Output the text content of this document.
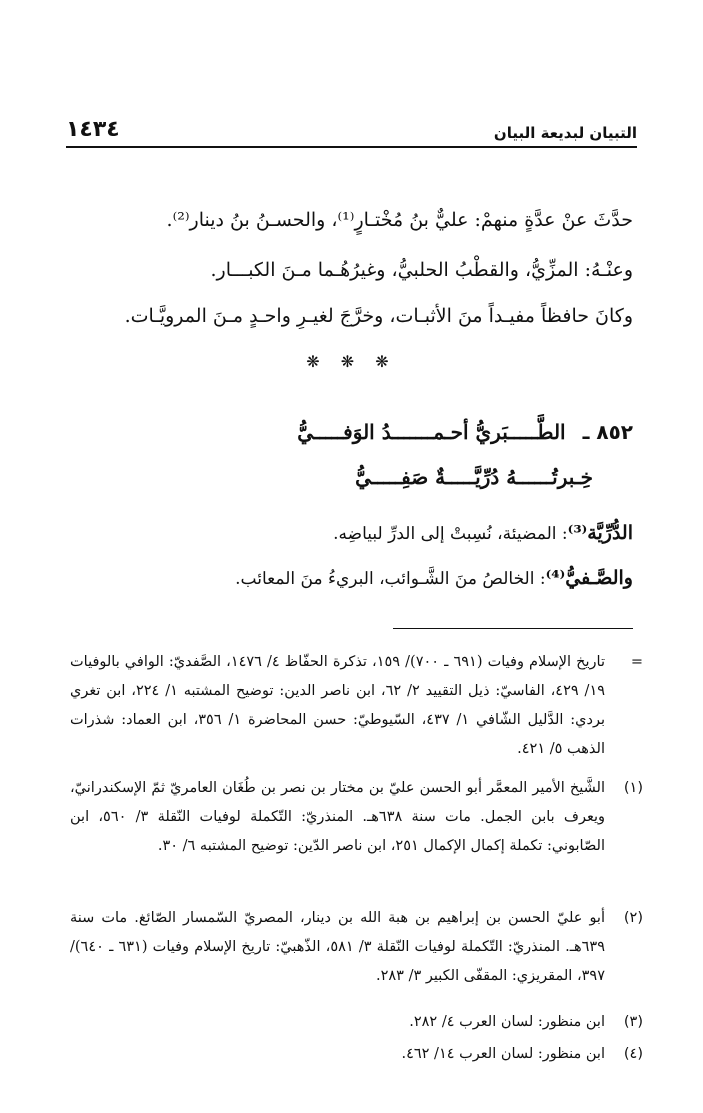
١٤٣٤	التبيان لبديعة البيان
حدَّثَ عنْ عدَّةٍ منهمْ: عليٌّ بنُ مُخْتـارٍ⁽¹⁾، والحسـنُ بنُ دينار⁽²⁾.
وعنْـهُ: المزِّيُّ، والقطْبُ الحلبيُّ، وغيرُهُـما مـنَ الكبـــار.
وكانَ حافظاً مفيـداً منَ الأثبـات، وخرَّجَ لغيـرِ واحـدٍ مـنَ المرويَّـات.
❋ ❋ ❋
٨٥٢ ـ الطَّـــــبَريُّ أحـمـــــــدُ الوَفـــــيُّ
خِـبرتُــــــهُ دُرِّيَّـــــةٌ صَفِـــــيُّ
الدُّرِّيَّة⁽³⁾: المضيئة، نُسِبتْ إلى الدرِّ لبياضِه.
والصَّـفيُّ⁽⁴⁾: الخالصُ منَ الشَّـوائب، البريءُ منَ المعائب.
=
تاريخ الإسلام وفيات (٦٩١ ـ ٧٠٠)/ ١٥٩، تذكرة الحفّاظ ٤/ ١٤٧٦، الصَّفديّ: الوافي بالوفيات ١٩/ ٤٢٩، الفاسيّ: ذيل التقييد ٢/ ٦٢، ابن ناصر الدين: توضيح المشتبه ١/ ٢٢٤، ابن تغري بردي: الدَّليل الشّافي ١/ ٤٣٧، السّيوطيّ: حسن المحاضرة ١/ ٣٥٦، ابن العماد: شذرات الذهب ٥/ ٤٢١.
(١)
الشَّيخ الأمير المعمَّر أبو الحسن عليّ بن مختار بن نصر بن طُغَان العامريّ ثمّ الإسكندرانيّ، ويعرف بابن الجمل. مات سنة ٦٣٨هـ. المنذريّ: التّكملة لوفيات النّقلة ٣/ ٥٦٠، ابن الصّابوني: تكملة إكمال الإكمال ٢٥١، ابن ناصر الدّين: توضيح المشتبه ٦/ ٣٠.
(٢)
أبو عليّ الحسن بن إبراهيم بن هبة الله بن دينار، المصريّ السّمسار الصّائغ. مات سنة ٦٣٩هـ. المنذريّ: التّكملة لوفيات النّقلة ٣/ ٥٨١، الذّهبيّ: تاريخ الإسلام وفيات (٦٣١ ـ ٦٤٠)/ ٣٩٧، المقريزي: المقفّى الكبير ٣/ ٢٨٣.
(٣)
ابن منظور: لسان العرب ٤/ ٢٨٢.
(٤)
ابن منظور: لسان العرب ١٤/ ٤٦٢.
